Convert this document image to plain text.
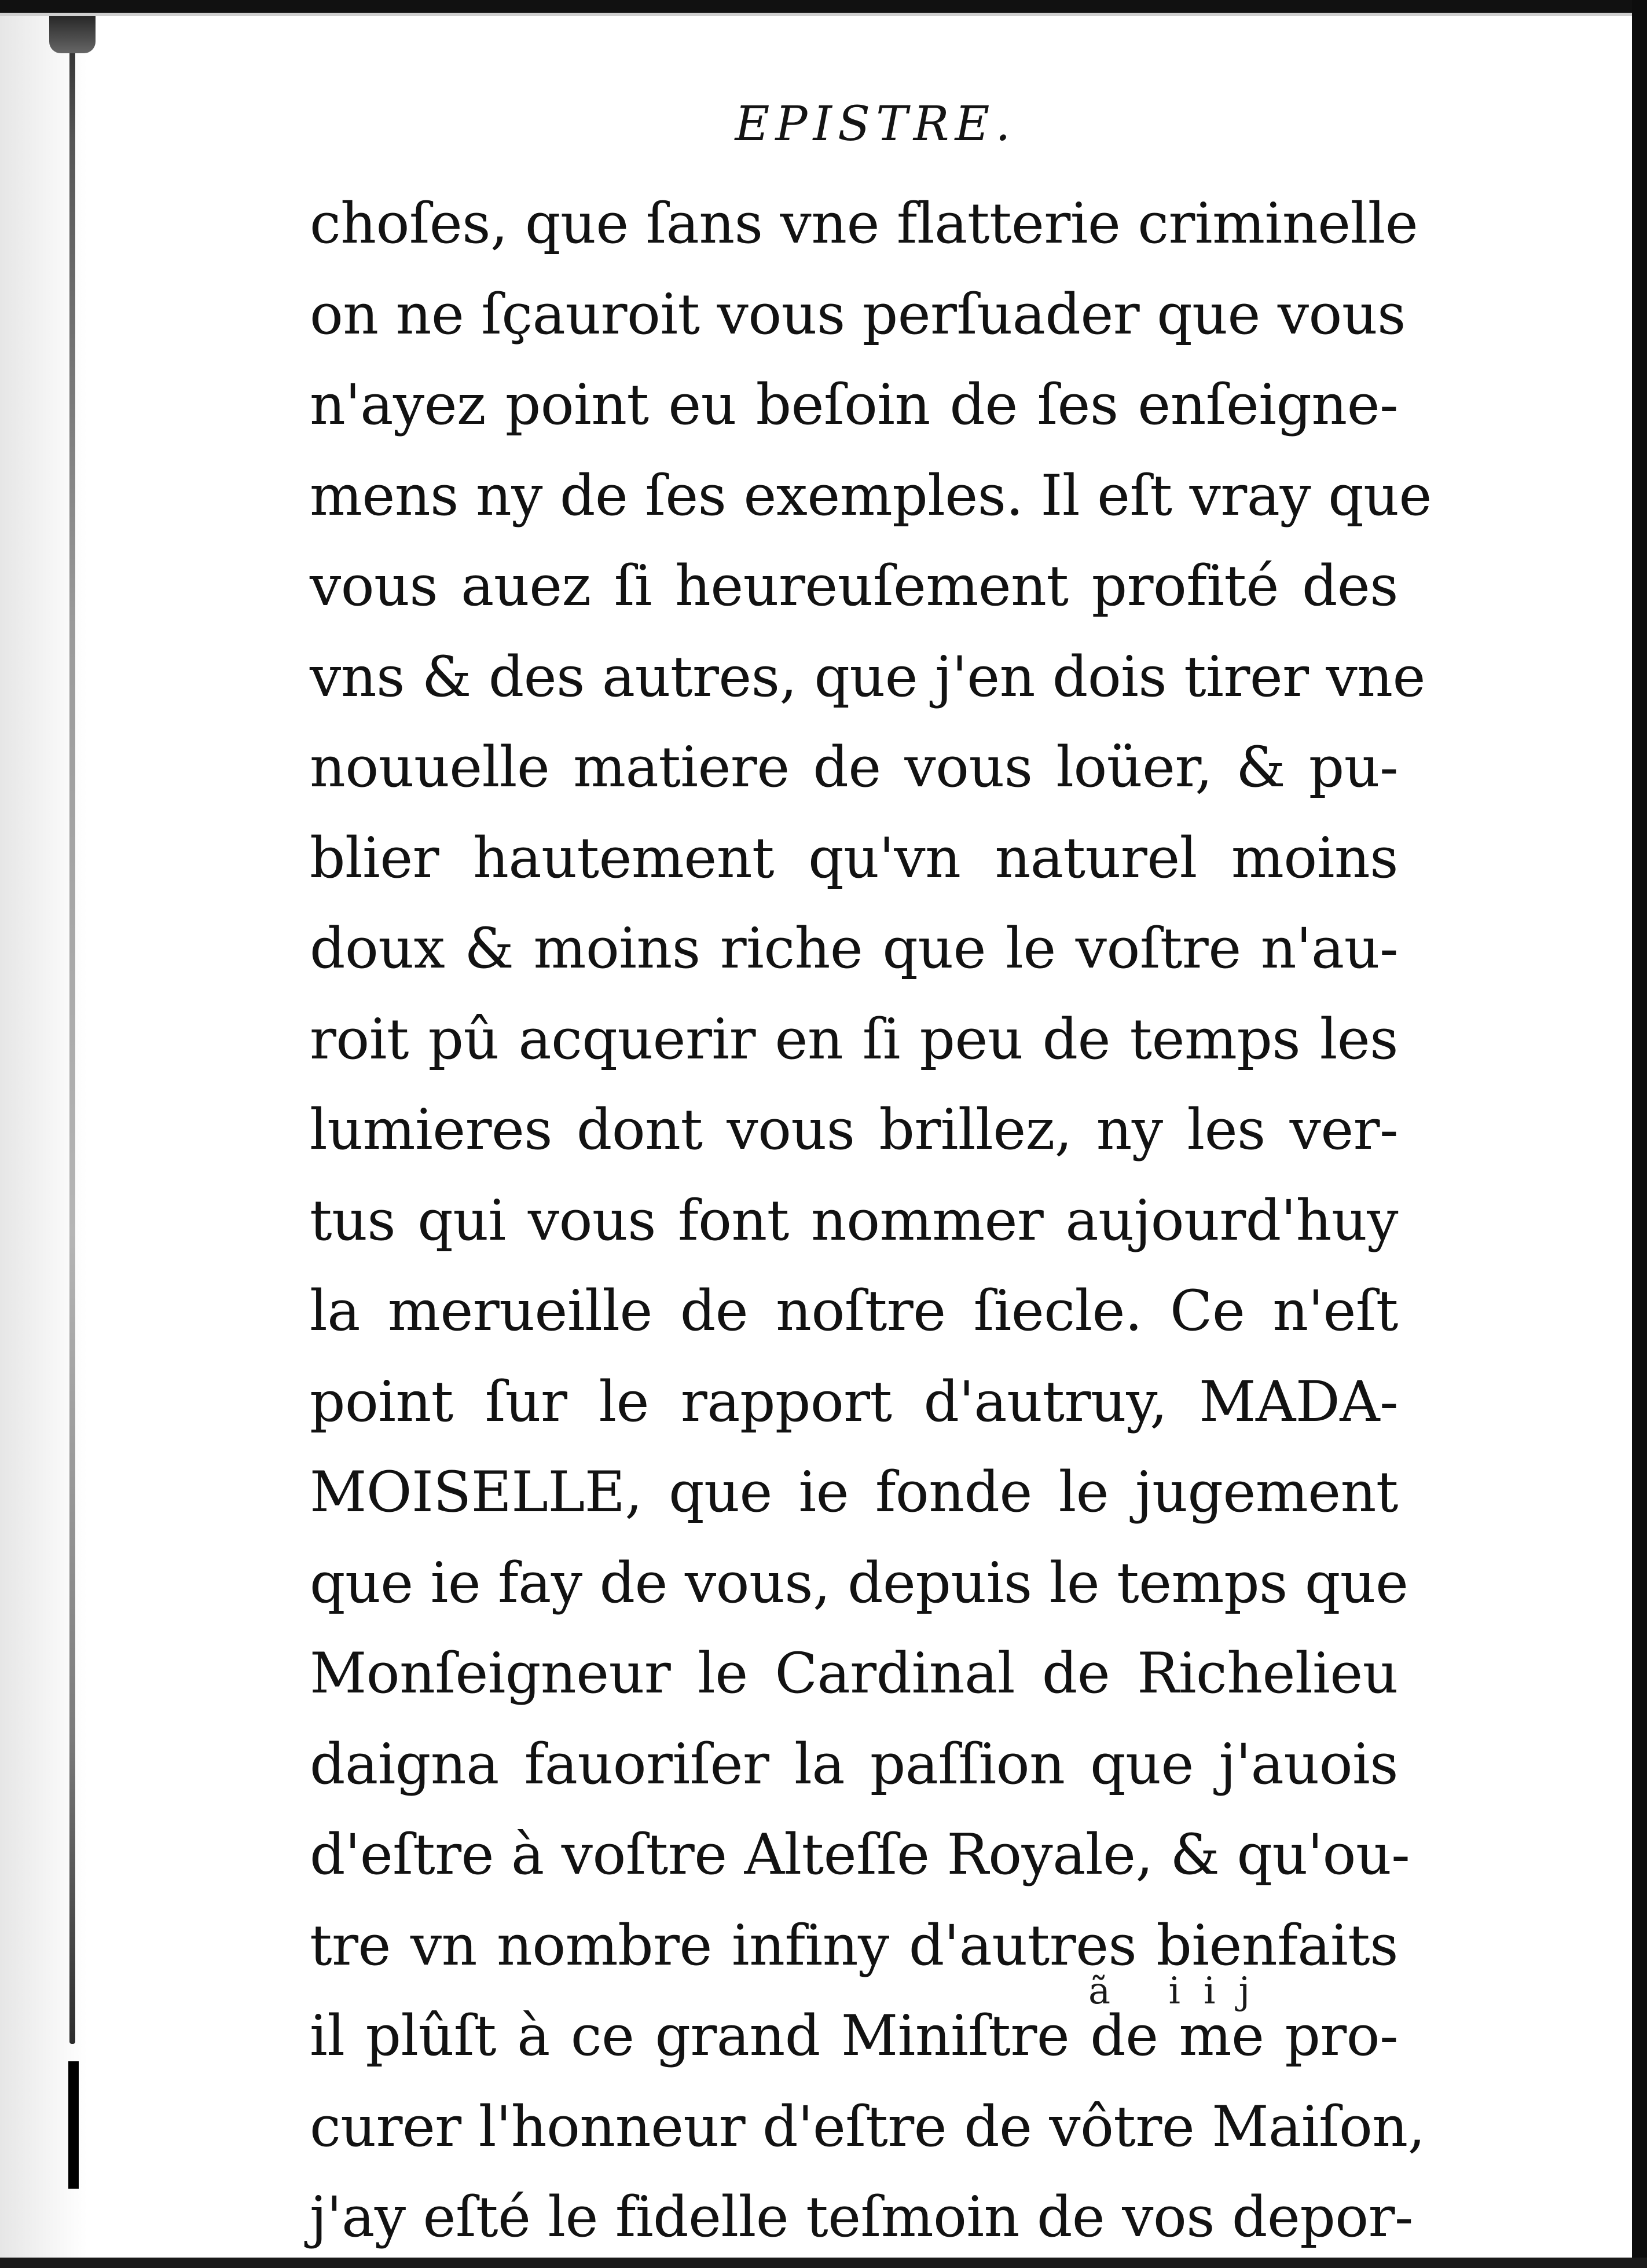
EPISTRE.
choſes, que ſans vne flatterie criminelle
on ne ſçauroit vous perſuader que vous
n'ayez point eu beſoin de ſes enſeigne-
mens ny de ſes exemples. Il eſt vray que
vous auez ſi heureuſement profité des
vns & des autres, que j'en dois tirer vne
nouuelle matiere de vous loüer, & pu-
blier hautement qu'vn naturel moins
doux & moins riche que le voſtre n'au-
roit pû acquerir en ſi peu de temps les
lumieres dont vous brillez, ny les ver-
tus qui vous font nommer aujourd'huy
la merueille de noſtre ſiecle. Ce n'eſt
point ſur le rapport d'autruy, MADA-
MOISELLE, que ie fonde le jugement
que ie fay de vous, depuis le temps que
Monſeigneur le Cardinal de Richelieu
daigna fauoriſer la paſſion que j'auois
d'eſtre à voſtre Alteſſe Royale, & qu'ou-
tre vn nombre infiny d'autres bienfaits
il plûſt à ce grand Miniſtre de me pro-
curer l'honneur d'eſtre de vôtre Maiſon,
j'ay eſté le fidelle teſmoin de vos depor-
ã iij
